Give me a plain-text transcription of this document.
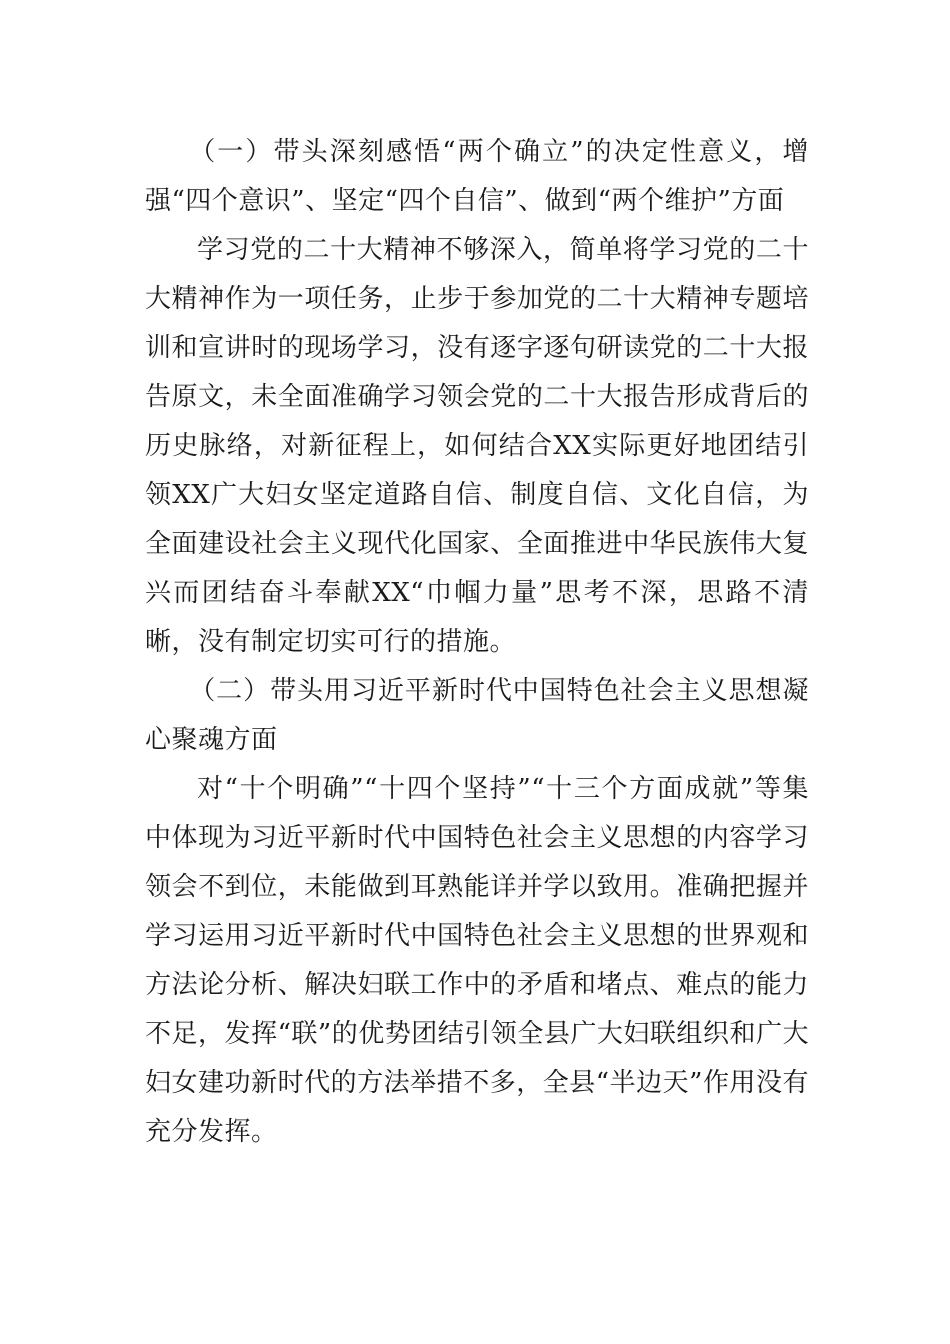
（一）带头深刻感悟“两个确立”的决定性意义，增强“四个意识”、坚定“四个自信”、做到“两个维护”方面

学习党的二十大精神不够深入，简单将学习党的二十大精神作为一项任务，止步于参加党的二十大精神专题培训和宣讲时的现场学习，没有逐字逐句研读党的二十大报告原文，未全面准确学习领会党的二十大报告形成背后的历史脉络，对新征程上，如何结合XX实际更好地团结引领XX广大妇女坚定道路自信、制度自信、文化自信，为全面建设社会主义现代化国家、全面推进中华民族伟大复兴而团结奋斗奉献XX“巾帼力量”思考不深，思路不清晰，没有制定切实可行的措施。

（二）带头用习近平新时代中国特色社会主义思想凝心聚魂方面

对“十个明确”“十四个坚持”“十三个方面成就”等集中体现为习近平新时代中国特色社会主义思想的内容学习领会不到位，未能做到耳熟能详并学以致用。准确把握并学习运用习近平新时代中国特色社会主义思想的世界观和方法论分析、解决妇联工作中的矛盾和堵点、难点的能力不足，发挥“联”的优势团结引领全县广大妇联组织和广大妇女建功新时代的方法举措不多，全县“半边天”作用没有充分发挥。
